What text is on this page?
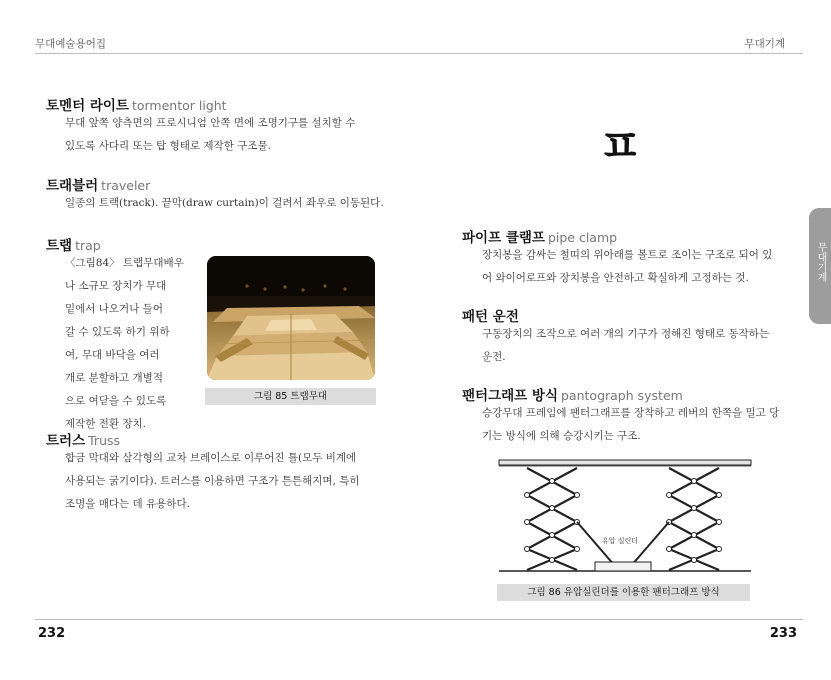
무대예술용어집	무대기계
무대기계
ㅍ
토멘터 라이트 tormentor light
무대 앞쪽 양측면의 프로시니엄 안쪽 면에 조명기구를 설치할 수
있도록 사다리 또는 탑 형태로 제작한 구조물.
트래블러 traveler
일종의 트랙(track). 끝막(draw curtain)이 걸려서 좌우로 이동된다.
트랩 trap
〈그림84〉 트랩무대배우
나 소규모 장치가 무대
밑에서 나오거나 들어
갈 수 있도록 하기 위하
여, 무대 바닥을 여러
개로 분할하고 개별적
으로 여닫을 수 있도록
제작한 전환 장치.
그림 85 트랩무대
트러스 Truss
합금 막대와 삼각형의 교차 브레이스로 이루어진 틀(모두 비계에
사용되는 굵기이다). 트러스를 이용하면 구조가 튼튼해지며, 특히
조명을 매다는 데 유용하다.
파이프 클램프 pipe clamp
장치봉을 감싸는 철띠의 위아래를 볼트로 조이는 구조로 되어 있
어 와이어로프와 장치봉을 안전하고 확실하게 고정하는 것.
패턴 운전
구동장치의 조작으로 여러 개의 기구가 정해진 형태로 동작하는
운전.
팬터그래프 방식 pantograph system
승강무대 프레임에 팬터그래프를 장착하고 레버의 한쪽을 밀고 당
기는 방식에 의해 승강시키는 구조.
유압 실린더
그림 86 유압실린더를 이용한 팬터그래프 방식
232	233
